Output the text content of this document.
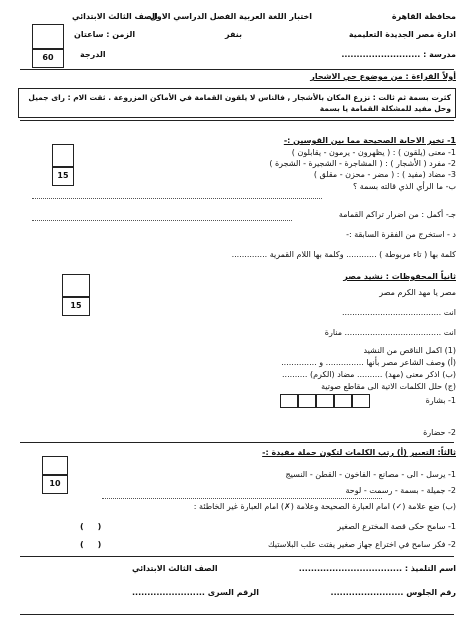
محافظة القاهرة
اختبار اللغة العربية الفصل الدراسي الاول
الصف الثالث الابتدائي
ادارة مصر الجديدة التعليمية
بنفر
الزمن : ساعتان
مدرسة : ..........................
الدرجة
60
أولاً القراءة : من موضوع حي الاشجار
كثرت بسمة ثم ثالت : نزرع المكان بالأشجار , فالناس لا يلقون القمامة في الأماكن المزروعة . ثقت الام : راى جميل وحل مفيد للمشكلة القمامة يا بسمة
1- تخير الاجابة الصحيحة مما بين القوسين :-
1- معنى (يلقون ) : ( يظهرون - يرمون - يقابلون )
2- مفرد ( الأشجار ) : ( المشاجرة - الشجيرة - الشجرة )
3- مضاد (مفيد ) : ( مضر - محزن - مقلق )
ب- ما الرأي الذي قالته بسمة ؟
15
جـ- أكمل : من اضرار تراكم القمامة
د - استخرج من الفقرة السابقة :-
كلمة بها ( تاء مربوطة ) ............ وكلمة بها اللام القمرية ..............
ثانياً المحفوظات : نشيد مصر
مصر يا مهد الكرم مصر
انت .......................................
انت ...................................... منارة
15
(1) اكمل الناقص من النشيد
(أ) وصف الشاعر مصر بأنها ............... و ..............
(ب) اذكر معنى (مهد) .......... مضاد (الكرم) ..........
(ج) حلل الكلمات الاتية الى مقاطع صوتية
1- بشارة
2- حضارة
ثالثاً: التعبير (أ) رتب الكلمات لتكون جملة مفيدة :-
10
1- يرسل - الى - مصانع - الفاخون - القطن - النسيج
2- جميلة - بسمة - رسمت - لوحة
(ب) ضع علامة (✓) امام العبارة الصحيحة وعلامة (✗) امام العبارة غير الخاطئة :
1- سامح حكى قصة المخترع الصغير
2- فكر سامح في اختراع جهاز صغير يفتت علب البلاستيك
(     )
(     )
اسم التلميذ : ..................................
الصف الثالث الابتدائي
رقم الجلوس ........................
الرقم السرى ........................
